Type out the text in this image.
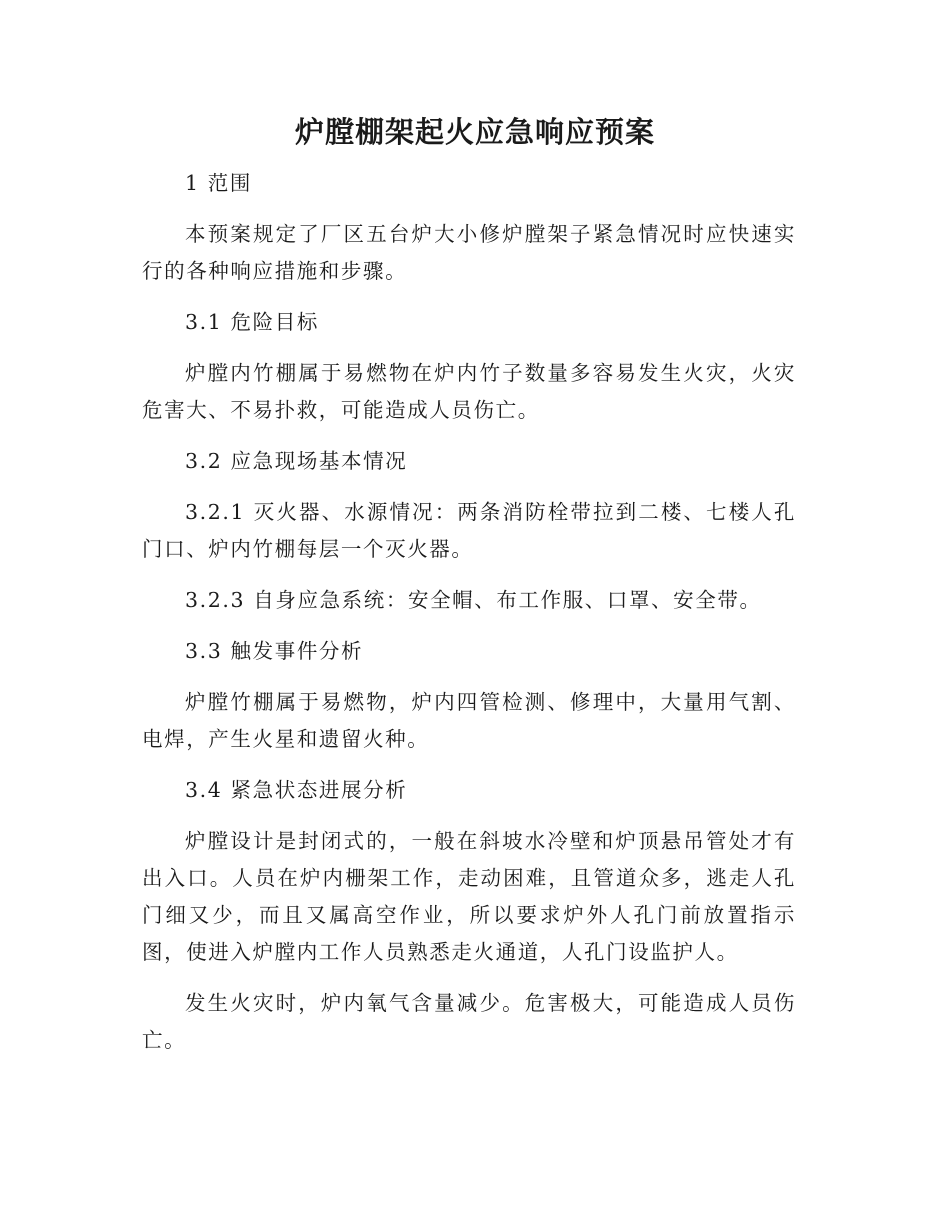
炉膛棚架起火应急响应预案

1 范围

本预案规定了厂区五台炉大小修炉膛架子紧急情况时应快速实行的各种响应措施和步骤。

3.1 危险目标

炉膛内竹棚属于易燃物在炉内竹子数量多容易发生火灾，火灾危害大、不易扑救，可能造成人员伤亡。

3.2 应急现场基本情况

3.2.1 灭火器、水源情况：两条消防栓带拉到二楼、七楼人孔门口、炉内竹棚每层一个灭火器。

3.2.3 自身应急系统：安全帽、布工作服、口罩、安全带。

3.3 触发事件分析

炉膛竹棚属于易燃物，炉内四管检测、修理中，大量用气割、电焊，产生火星和遗留火种。

3.4 紧急状态进展分析

炉膛设计是封闭式的，一般在斜坡水冷壁和炉顶悬吊管处才有出入口。人员在炉内栅架工作，走动困难，且管道众多，逃走人孔门细又少，而且又属高空作业，所以要求炉外人孔门前放置指示图，使进入炉膛内工作人员熟悉走火通道，人孔门设监护人。

发生火灾时，炉内氧气含量减少。危害极大，可能造成人员伤亡。
